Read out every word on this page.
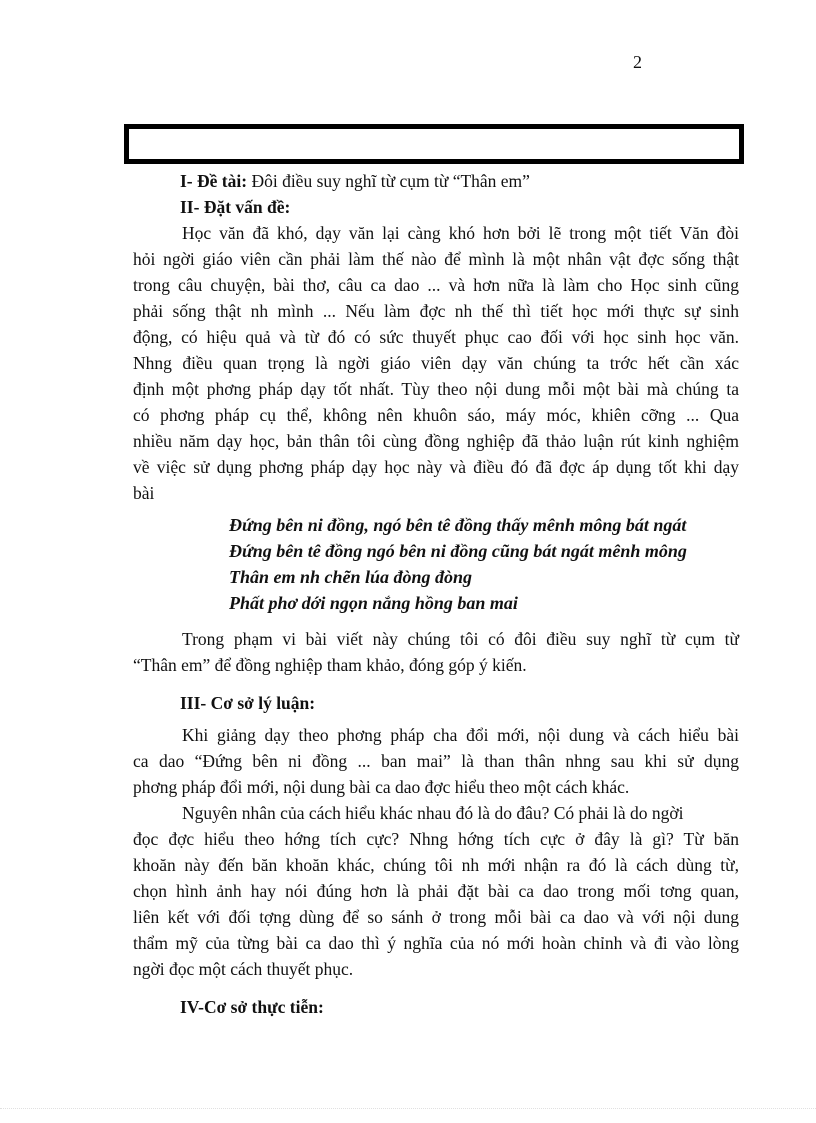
2
I- Đề tài: Đôi điều suy nghĩ từ cụm từ “Thân em”
II- Đặt vấn đề:
Học văn đã khó, dạy văn lại càng khó hơn bởi lẽ trong một tiết Văn đòi
hỏi ngời giáo viên cần phải làm thế nào để mình là một nhân vật đợc sống thật
trong câu chuyện, bài thơ, câu ca dao ... và hơn nữa là làm cho Học sinh cũng
phải sống thật nh mình ... Nếu làm đợc nh thế thì tiết học mới thực sự sinh
động, có hiệu quả và từ đó có sức thuyết phục cao đối với học sinh học văn.
Nhng điều quan trọng là ngời giáo viên dạy văn chúng ta trớc hết cần xác
định một phơng pháp dạy tốt nhất. Tùy theo nội dung mỗi một bài mà chúng ta
có phơng pháp cụ thể, không nên khuôn sáo, máy móc, khiên cỡng ... Qua
nhiều năm dạy học, bản thân tôi cùng đồng nghiệp đã thảo luận rút kinh nghiệm
về việc sử dụng phơng pháp dạy học này và điều đó đã đợc áp dụng tốt khi dạy
bài
Đứng bên ni đồng, ngó bên tê đồng thấy mênh mông bát ngát
Đứng bên tê đồng ngó bên ni đồng cũng bát ngát mênh mông
Thân em nh chẽn lúa đòng đòng
Phất phơ dới ngọn nắng hồng ban mai
Trong phạm vi bài viết này chúng tôi có đôi điều suy nghĩ từ cụm từ
“Thân em” để đồng nghiệp tham khảo, đóng góp ý kiến.
III- Cơ sở lý luận:
Khi giảng dạy theo phơng pháp cha đổi mới, nội dung và cách hiểu bài
ca dao “Đứng bên ni đồng ... ban mai” là than thân nhng sau khi sử dụng
phơng pháp đổi mới, nội dung bài ca dao đợc hiểu theo một cách khác.
Nguyên nhân của cách hiểu khác nhau đó là do đâu? Có phải là do ngời
đọc đợc hiểu theo hớng tích cực? Nhng hớng tích cực ở đây là gì? Từ băn
khoăn này đến băn khoăn khác, chúng tôi nh mới nhận ra đó là cách dùng từ,
chọn hình ảnh hay nói đúng hơn là phải đặt bài ca dao trong mối tơng quan,
liên kết với đối tợng dùng để so sánh ở trong mỗi bài ca dao và với nội dung
thẩm mỹ của từng bài ca dao thì ý nghĩa của nó mới hoàn chỉnh và đi vào lòng
ngời đọc một cách thuyết phục.
IV-Cơ sở thực tiễn:
